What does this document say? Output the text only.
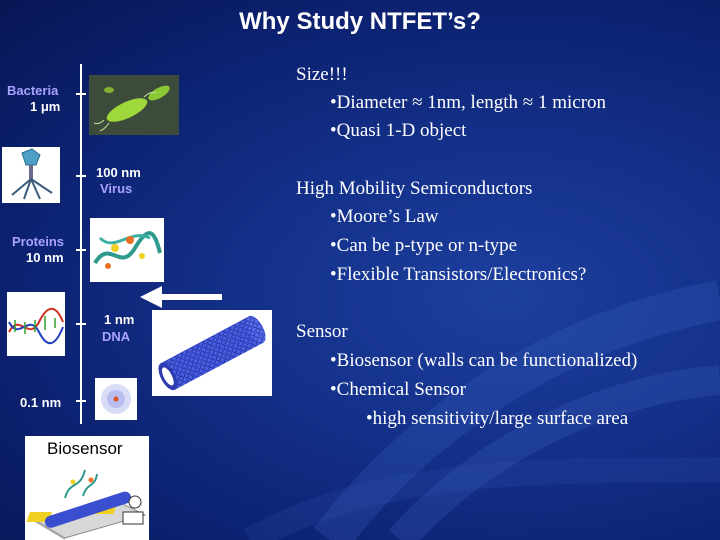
Why Study NTFET’s?
Bacteria
1 μm
100 nm
Virus
Proteins
10 nm
1 nm
DNA
0.1 nm
Biosensor
Size!!!
•Diameter ≈ 1nm, length ≈ 1 micron
•Quasi 1-D object
High Mobility Semiconductors
•Moore’s Law
•Can be p-type or n-type
•Flexible Transistors/Electronics?
Sensor
•Biosensor (walls can be functionalized)
•Chemical Sensor
•high sensitivity/large surface area
